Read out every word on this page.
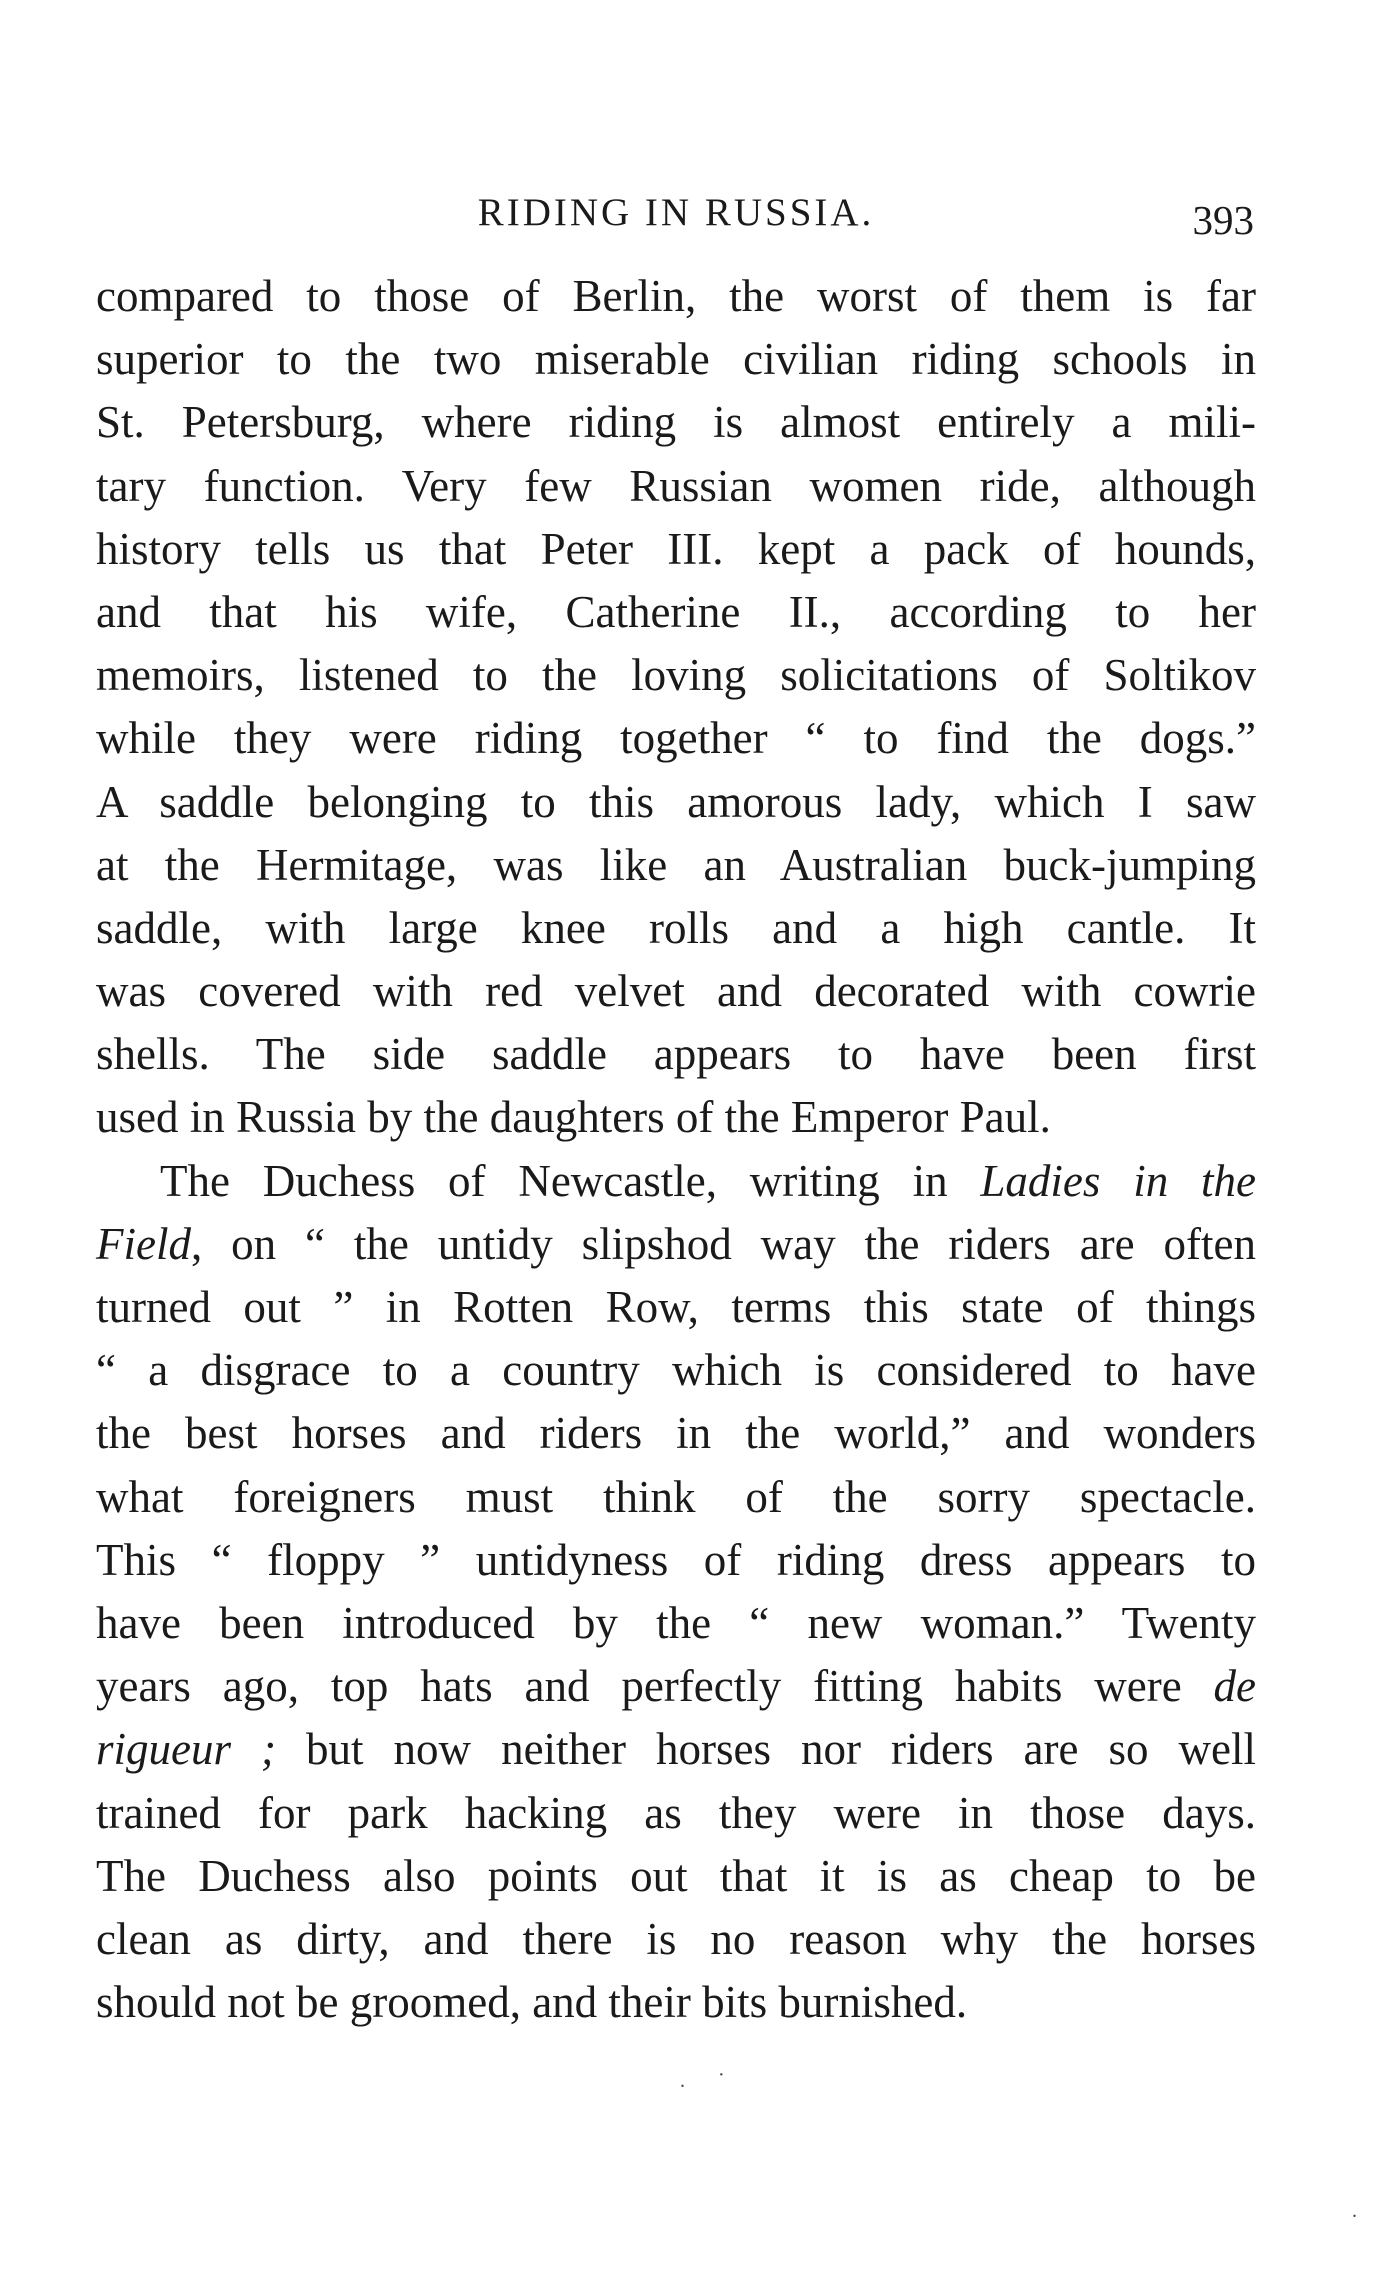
RIDING IN RUSSIA.	393
compared to those of Berlin, the worst of them is far
superior to the two miserable civilian riding schools in
St. Petersburg, where riding is almost entirely a mili-
tary function. Very few Russian women ride, although
history tells us that Peter III. kept a pack of hounds,
and that his wife, Catherine II., according to her
memoirs, listened to the loving solicitations of Soltikov
while they were riding together “ to find the dogs.”
A saddle belonging to this amorous lady, which I saw
at the Hermitage, was like an Australian buck-jumping
saddle, with large knee rolls and a high cantle. It
was covered with red velvet and decorated with cowrie
shells. The side saddle appears to have been first
used in Russia by the daughters of the Emperor Paul.
The Duchess of Newcastle, writing in Ladies in the
Field, on “ the untidy slipshod way the riders are often
turned out ” in Rotten Row, terms this state of things
“ a disgrace to a country which is considered to have
the best horses and riders in the world,” and wonders
what foreigners must think of the sorry spectacle.
This “ floppy ” untidyness of riding dress appears to
have been introduced by the “ new woman.” Twenty
years ago, top hats and perfectly fitting habits were de
rigueur ; but now neither horses nor riders are so well
trained for park hacking as they were in those days.
The Duchess also points out that it is as cheap to be
clean as dirty, and there is no reason why the horses
should not be groomed, and their bits burnished.
. ·
.
